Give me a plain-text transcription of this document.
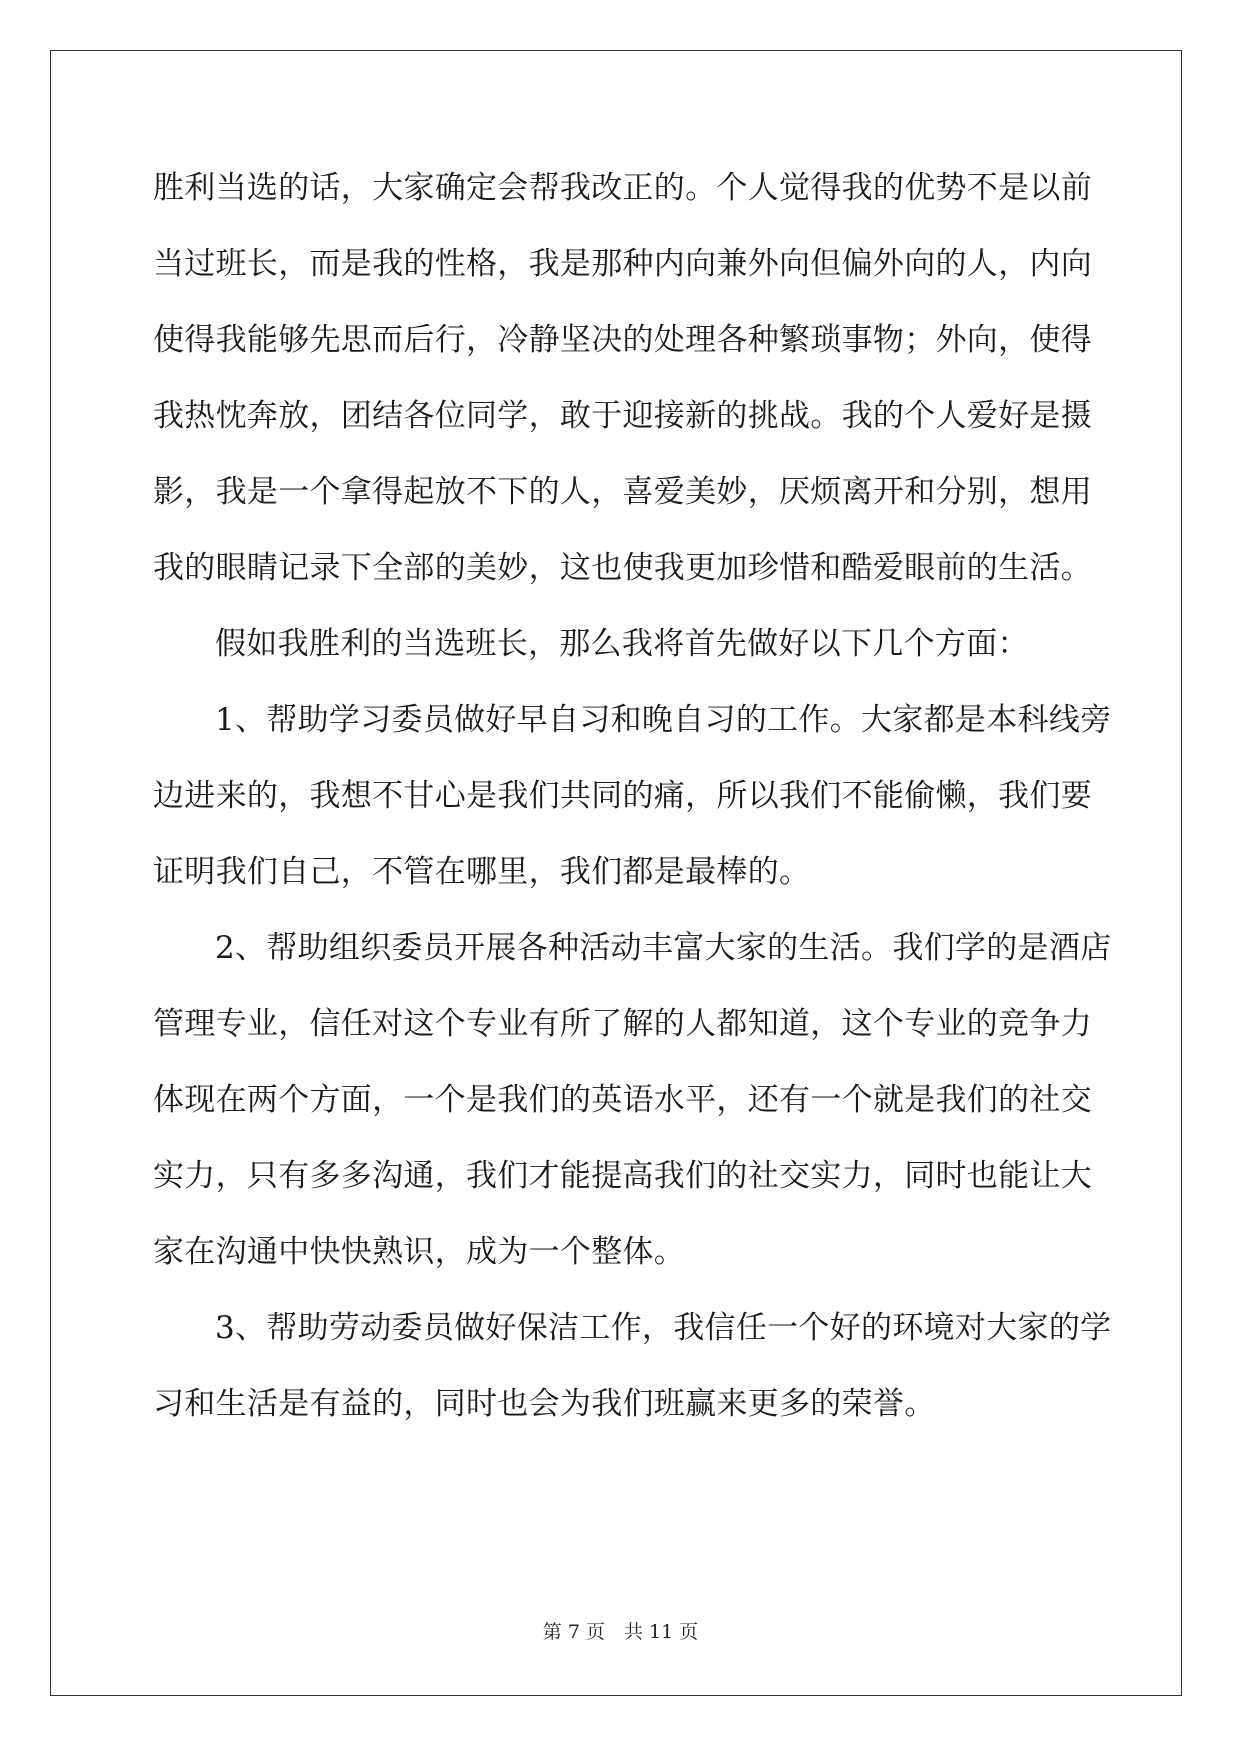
胜利当选的话，大家确定会帮我改正的。个人觉得我的优势不是以前
当过班长，而是我的性格，我是那种内向兼外向但偏外向的人，内向
使得我能够先思而后行，冷静坚决的处理各种繁琐事物；外向，使得
我热忱奔放，团结各位同学，敢于迎接新的挑战。我的个人爱好是摄
影，我是一个拿得起放不下的人，喜爱美妙，厌烦离开和分别，想用
我的眼睛记录下全部的美妙，这也使我更加珍惜和酷爱眼前的生活。
假如我胜利的当选班长，那么我将首先做好以下几个方面：
1、帮助学习委员做好早自习和晚自习的工作。大家都是本科线旁
边进来的，我想不甘心是我们共同的痛，所以我们不能偷懒，我们要
证明我们自己，不管在哪里，我们都是最棒的。
2、帮助组织委员开展各种活动丰富大家的生活。我们学的是酒店
管理专业，信任对这个专业有所了解的人都知道，这个专业的竞争力
体现在两个方面，一个是我们的英语水平，还有一个就是我们的社交
实力，只有多多沟通，我们才能提高我们的社交实力，同时也能让大
家在沟通中快快熟识，成为一个整体。
3、帮助劳动委员做好保洁工作，我信任一个好的环境对大家的学
习和生活是有益的，同时也会为我们班赢来更多的荣誉。
第 7 页　共 11 页
